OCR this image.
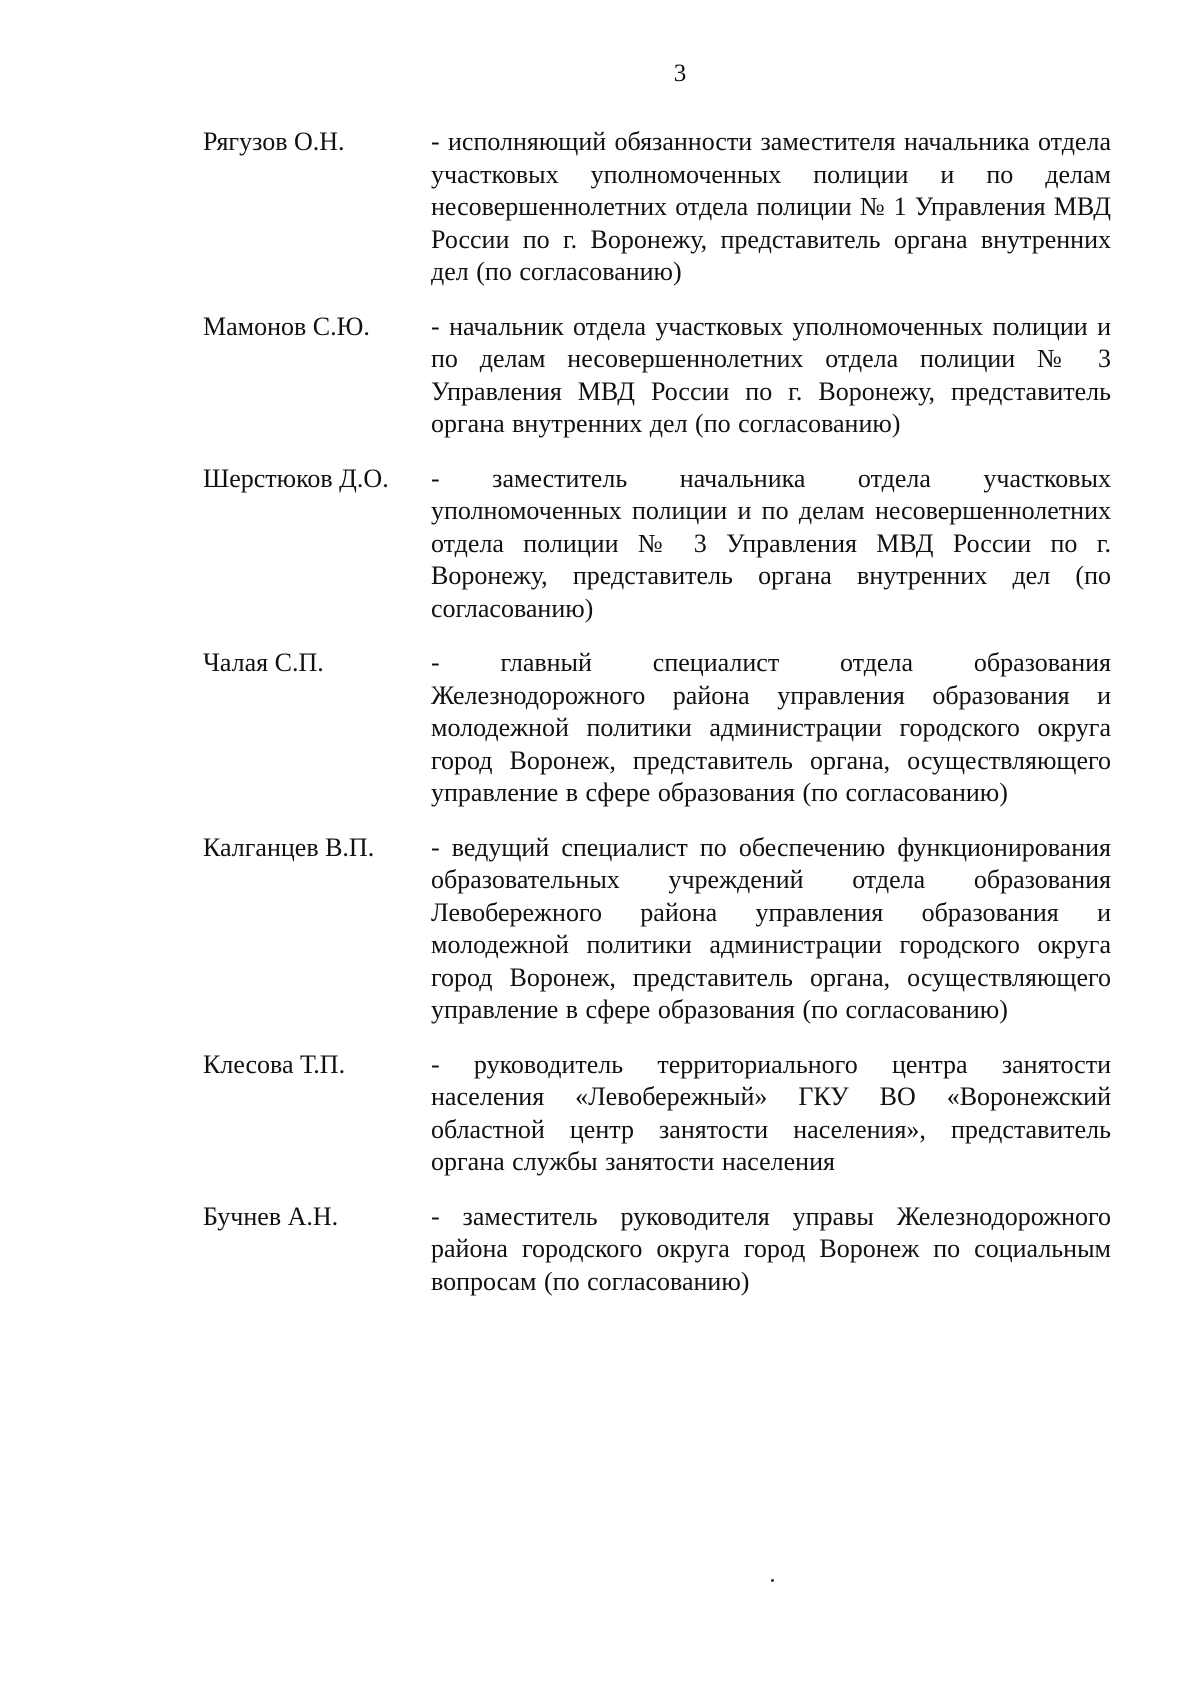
3
Рягузов О.Н.	- исполняющий обязанности заместителя начальника отдела участковых уполномоченных полиции и по делам несовершеннолетних отдела полиции № 1 Управления МВД России по г. Воронежу, представитель органа внутренних дел (по согласованию)
Мамонов С.Ю.	- начальник отдела участковых уполномоченных полиции и по делам несовершеннолетних отдела полиции № 3 Управления МВД России по г. Воронежу, представитель органа внутренних дел (по согласованию)
Шерстюков Д.О.	- заместитель начальника отдела участковых уполномоченных полиции и по делам несовершеннолетних отдела полиции № 3 Управления МВД России по г. Воронежу, представитель органа внутренних дел (по согласованию)
Чалая С.П.	- главный специалист отдела образования Железнодорожного района управления образования и молодежной политики администрации городского округа город Воронеж, представитель органа, осуществляющего управление в сфере образования (по согласованию)
Калганцев В.П.	- ведущий специалист по обеспечению функционирования образовательных учреждений отдела образования Левобережного района управления образования и молодежной политики администрации городского округа город Воронеж, представитель органа, осуществляющего управление в сфере образования (по согласованию)
Клесова Т.П.	- руководитель территориального центра занятости населения «Левобережный» ГКУ ВО «Воронежский областной центр занятости населения», представитель органа службы занятости населения
Бучнев А.Н.	- заместитель руководителя управы Железнодорожного района городского округа город Воронеж по социальным вопросам (по согласованию)
